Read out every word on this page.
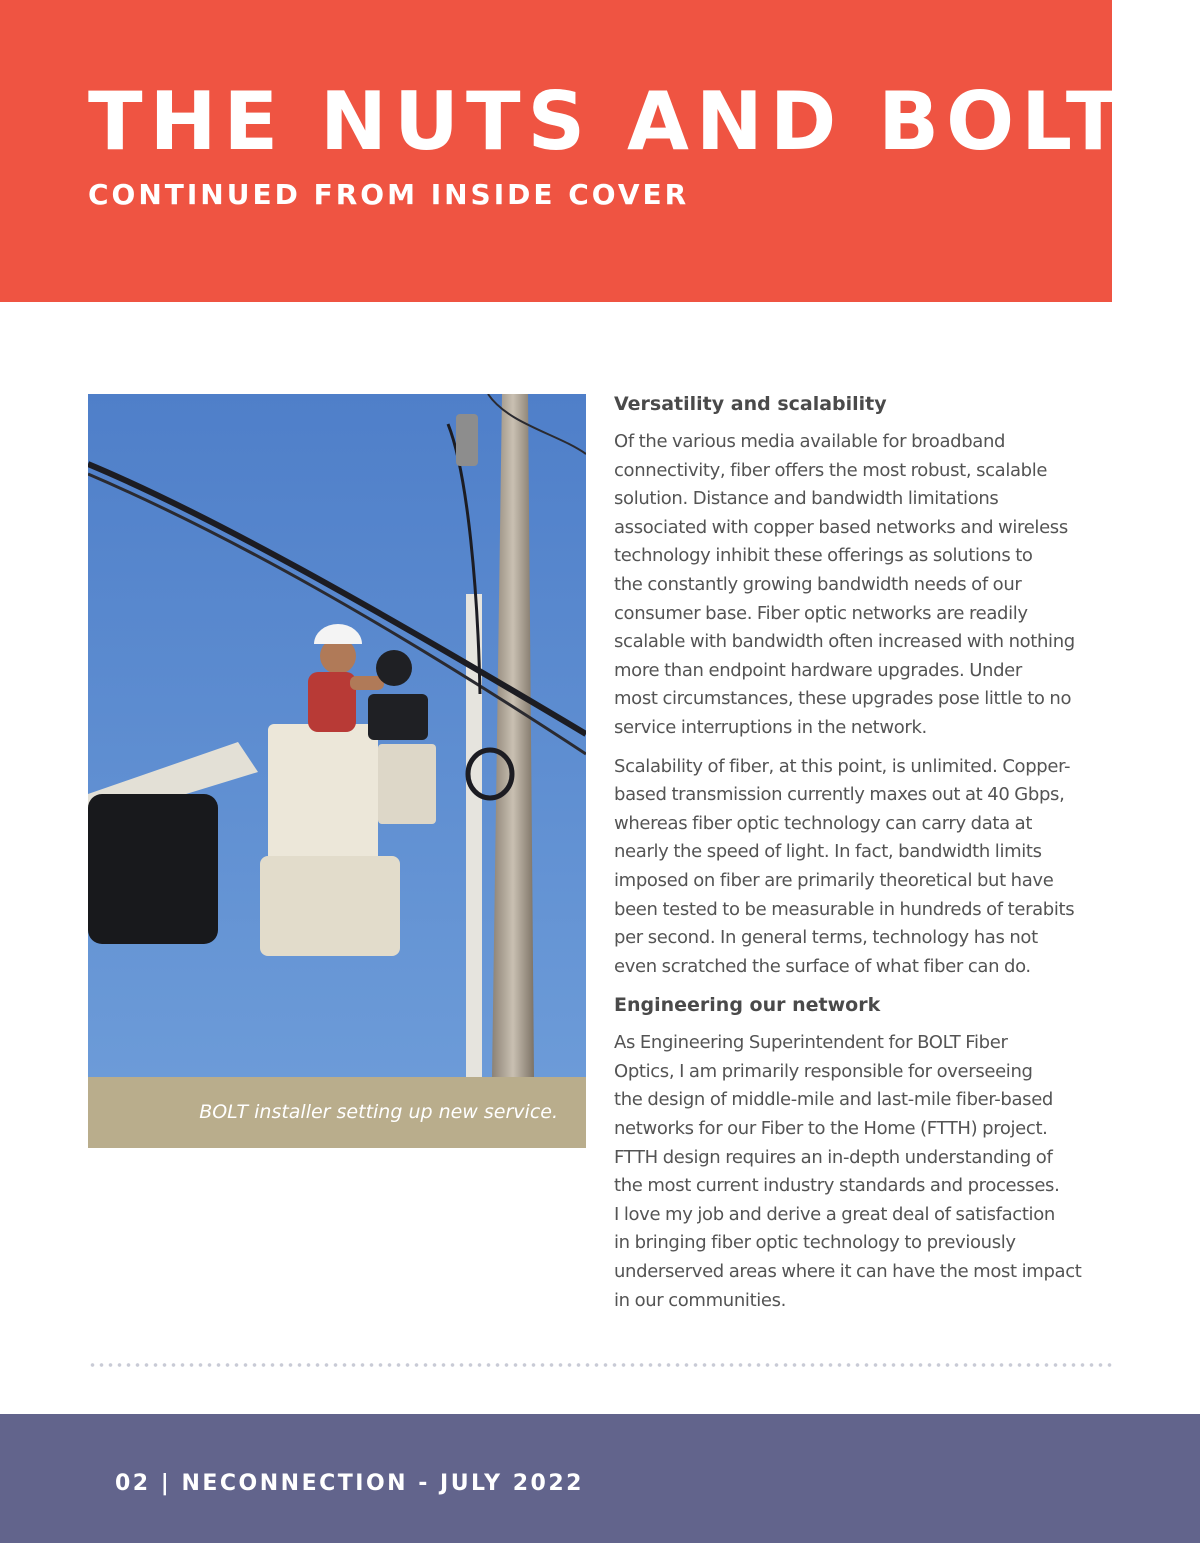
THE NUTS AND BOLTS
CONTINUED FROM INSIDE COVER
BOLT installer setting up new service.
Versatility and scalability

Of the various media available for broadband
connectivity, fiber offers the most robust, scalable
solution. Distance and bandwidth limitations
associated with copper based networks and wireless
technology inhibit these offerings as solutions to
the constantly growing bandwidth needs of our
consumer base. Fiber optic networks are readily
scalable with bandwidth often increased with nothing
more than endpoint hardware upgrades. Under
most circumstances, these upgrades pose little to no
service interruptions in the network.

Scalability of fiber, at this point, is unlimited. Copper-
based transmission currently maxes out at 40 Gbps,
whereas fiber optic technology can carry data at
nearly the speed of light. In fact, bandwidth limits
imposed on fiber are primarily theoretical but have
been tested to be measurable in hundreds of terabits
per second. In general terms, technology has not
even scratched the surface of what fiber can do.

Engineering our network

As Engineering Superintendent for BOLT Fiber
Optics, I am primarily responsible for overseeing
the design of middle-mile and last-mile fiber-based
networks for our Fiber to the Home (FTTH) project.
FTTH design requires an in-depth understanding of
the most current industry standards and processes.
I love my job and derive a great deal of satisfaction
in bringing fiber optic technology to previously
underserved areas where it can have the most impact
in our communities.

02 | NECONNECTION - JULY 2022
